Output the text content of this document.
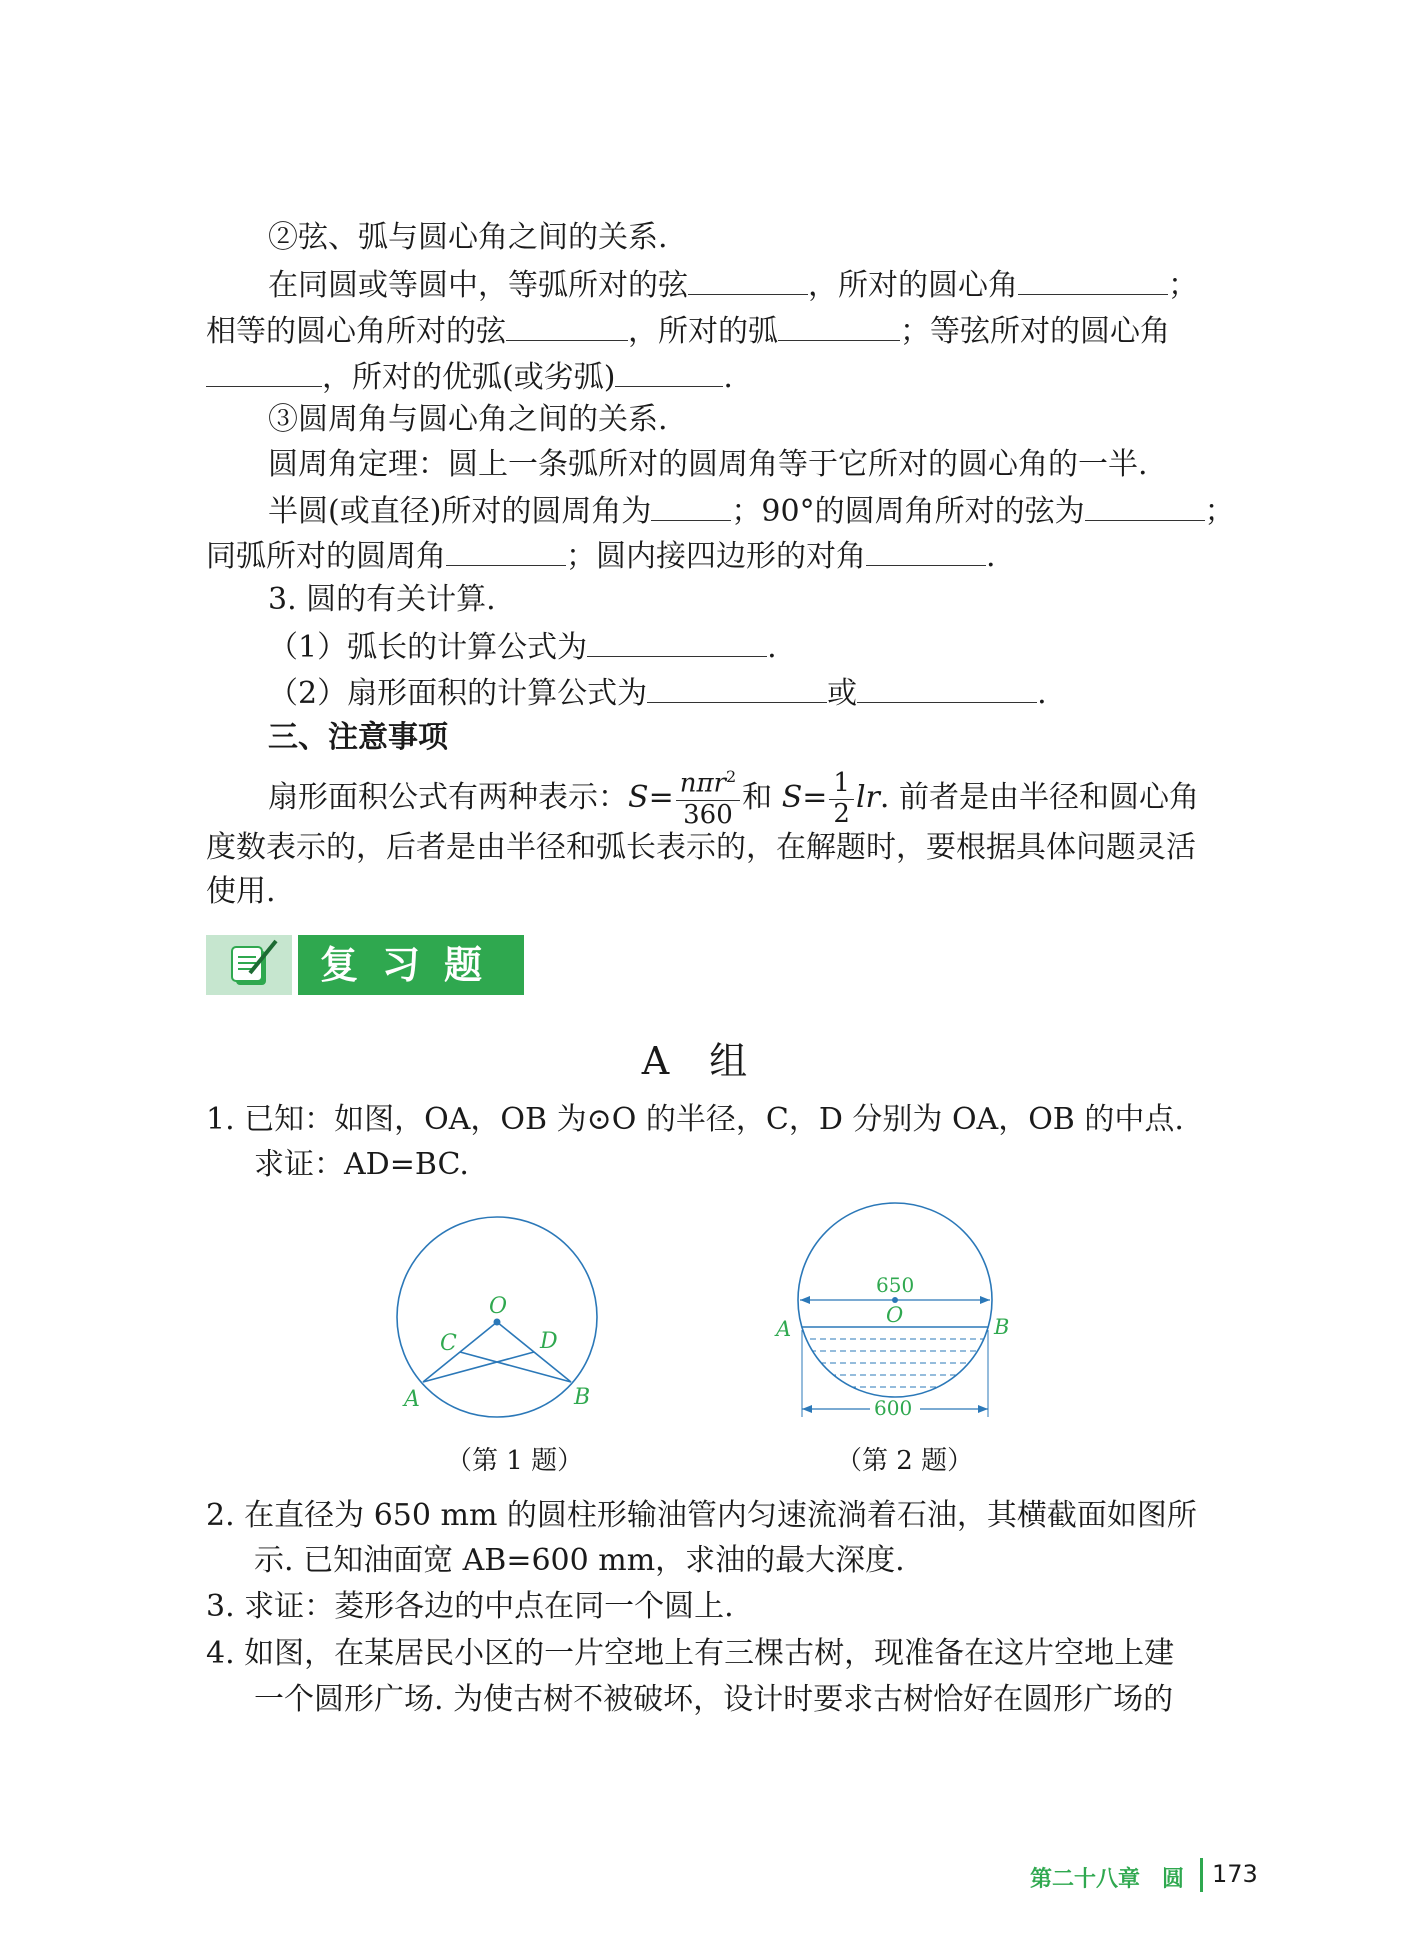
②弦、弧与圆心角之间的关系.
在同圆或等圆中，等弧所对的弦	，所对的圆心角	；
相等的圆心角所对的弦	，所对的弧	；等弦所对的圆心角
，所对的优弧(或劣弧)	.
③圆周角与圆心角之间的关系.
圆周角定理：圆上一条弧所对的圆周角等于它所对的圆心角的一半.
半圆(或直径)所对的圆周角为	；90°的圆周角所对的弦为	；
同弧所对的圆周角	；圆内接四边形的对角	.
3. 圆的有关计算.
（1）弧长的计算公式为	.
（2）扇形面积的计算公式为	或	.
三、注意事项
扇形面积公式有两种表示：$S= \frac{n\pi r^2}{360}$ 和 $S= \frac{1}{2}$ lr. 前者是由半径和圆心角
度数表示的，后者是由半径和弧长表示的，在解题时，要根据具体问题灵活
使用.
复习题
A 组
1. 已知：如图，OA，OB 为⊙O 的半径，C，D 分别为 OA，OB 的中点.
求证：AD=BC.
O
C	D
A	B
（第 1 题）
650
O
A	B
600
（第 2 题）
2. 在直径为 650 mm 的圆柱形输油管内匀速流淌着石油，其横截面如图所
示. 已知油面宽 AB=600 mm，求油的最大深度.
3. 求证：菱形各边的中点在同一个圆上.
4. 如图，在某居民小区的一片空地上有三棵古树，现准备在这片空地上建
一个圆形广场. 为使古树不被破坏，设计时要求古树恰好在圆形广场的
第二十八章 圆 173
